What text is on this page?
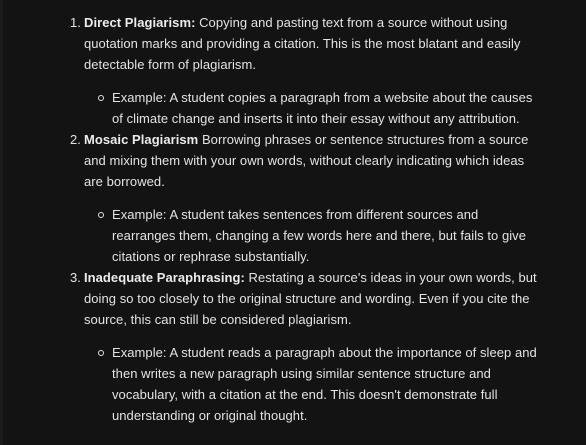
1. Direct Plagiarism: Copying and pasting text from a source without using quotation marks and providing a citation. This is the most blatant and easily detectable form of plagiarism.

Example: A student copies a paragraph from a website about the causes of climate change and inserts it into their essay without any attribution.
2. Mosaic Plagiarism Borrowing phrases or sentence structures from a source and mixing them with your own words, without clearly indicating which ideas are borrowed.

Example: A student takes sentences from different sources and rearranges them, changing a few words here and there, but fails to give citations or rephrase substantially.
3. Inadequate Paraphrasing: Restating a source's ideas in your own words, but doing so too closely to the original structure and wording. Even if you cite the source, this can still be considered plagiarism.

Example: A student reads a paragraph about the importance of sleep and then writes a new paragraph using similar sentence structure and vocabulary, with a citation at the end. This doesn't demonstrate full understanding or original thought.
